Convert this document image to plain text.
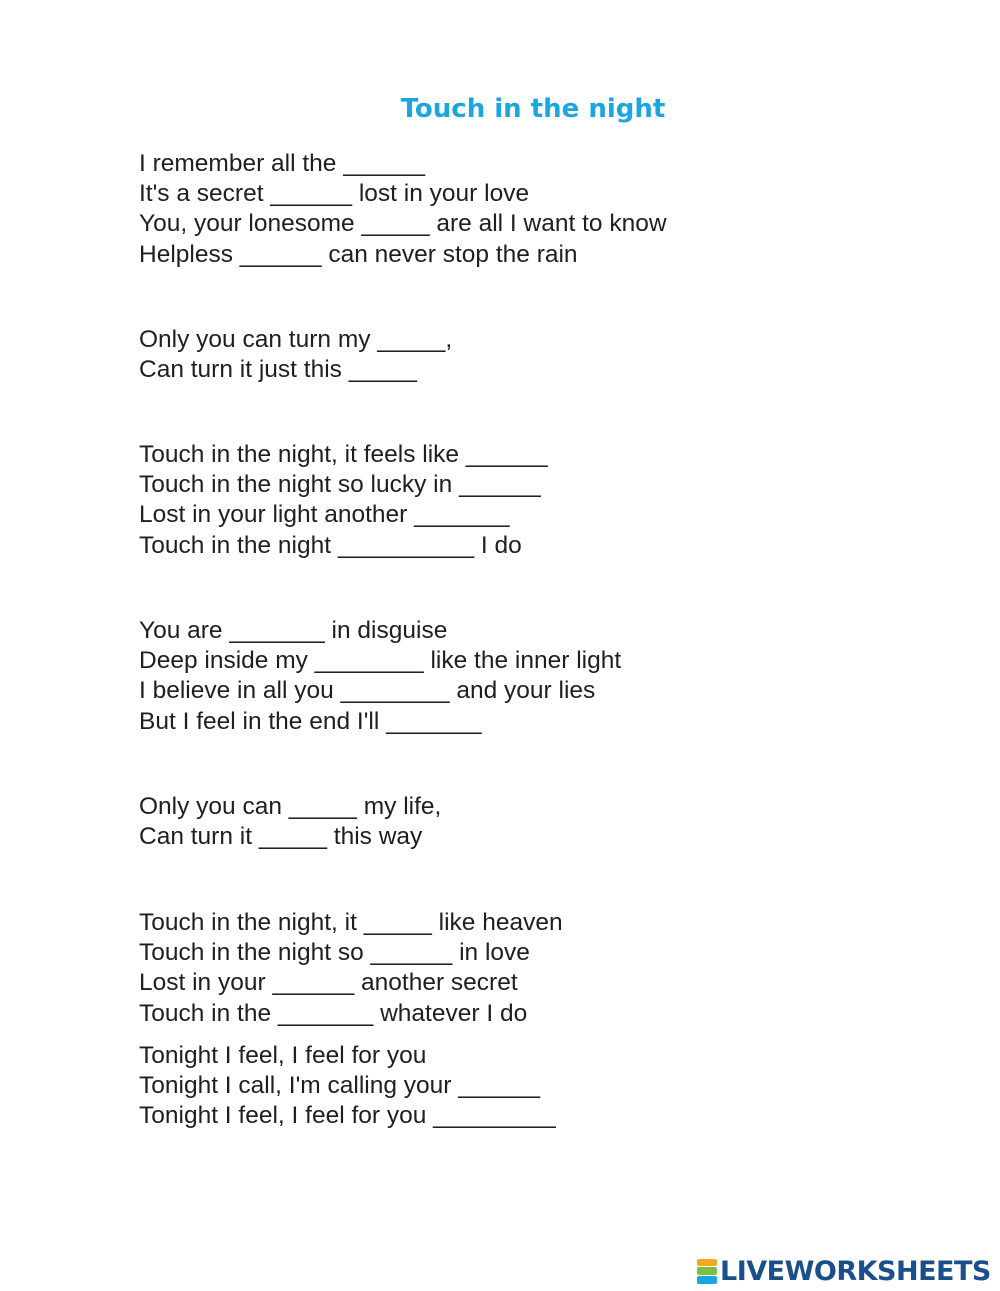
Touch in the night
I remember all the ______
It's a secret ______ lost in your love
You, your lonesome _____ are all I want to know
Helpless ______ can never stop the rain
Only you can turn my _____,
Can turn it just this _____
Touch in the night, it feels like ______
Touch in the night so lucky in ______
Lost in your light another _______
Touch in the night __________ I do
You are _______ in disguise
Deep inside my ________ like the inner light
I believe in all you ________ and your lies
But I feel in the end I'll _______
Only you can _____ my life,
Can turn it _____ this way
Touch in the night, it _____ like heaven
Touch in the night so ______ in love
Lost in your ______ another secret
Touch in the _______ whatever I do
Tonight I feel, I feel for you
Tonight I call, I'm calling your ______
Tonight I feel, I feel for you _________
LIVEWORKSHEETS
